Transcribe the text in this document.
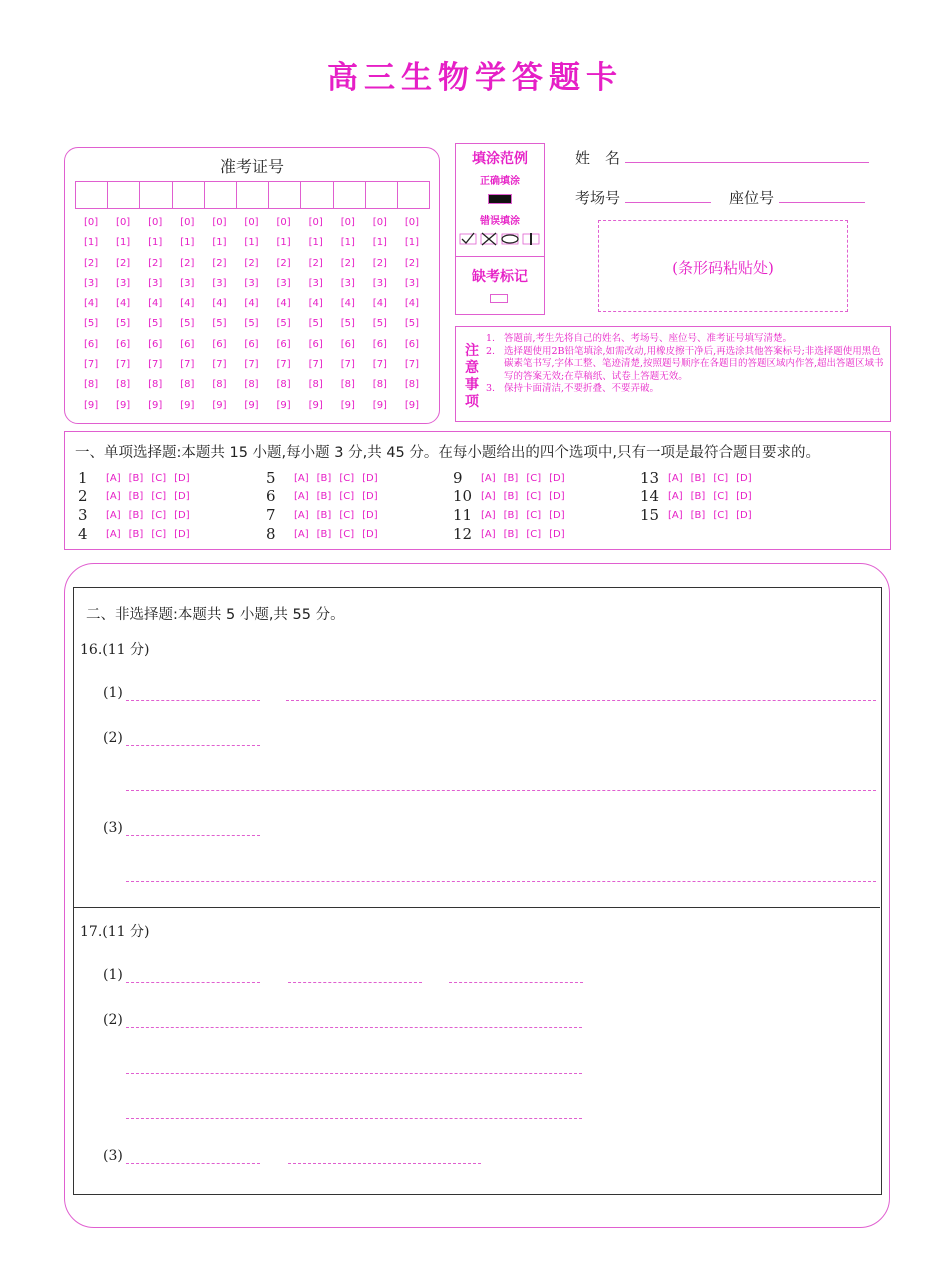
高三生物学答题卡
准考证号
[0]	[0]	[0]	[0]	[0]	[0]	[0]	[0]	[0]	[0]	[0]
[1]	[1]	[1]	[1]	[1]	[1]	[1]	[1]	[1]	[1]	[1]
[2]	[2]	[2]	[2]	[2]	[2]	[2]	[2]	[2]	[2]	[2]
[3]	[3]	[3]	[3]	[3]	[3]	[3]	[3]	[3]	[3]	[3]
[4]	[4]	[4]	[4]	[4]	[4]	[4]	[4]	[4]	[4]	[4]
[5]	[5]	[5]	[5]	[5]	[5]	[5]	[5]	[5]	[5]	[5]
[6]	[6]	[6]	[6]	[6]	[6]	[6]	[6]	[6]	[6]	[6]
[7]	[7]	[7]	[7]	[7]	[7]	[7]	[7]	[7]	[7]	[7]
[8]	[8]	[8]	[8]	[8]	[8]	[8]	[8]	[8]	[8]	[8]
[9]	[9]	[9]	[9]	[9]	[9]	[9]	[9]	[9]	[9]	[9]
填涂范例
正确填涂
错误填涂
缺考标记
姓　名
考场号	座位号
(条形码粘贴处)
注意事项
1. 答题前,考生先将自己的姓名、考场号、座位号、准考证号填写清楚。
2. 选择题使用2B铅笔填涂,如需改动,用橡皮擦干净后,再选涂其他答案标号;非选择题使用黑色碳素笔书写,字体工整、笔迹清楚,按照题号顺序在各题目的答题区域内作答,超出答题区域书写的答案无效;在草稿纸、试卷上答题无效。
3. 保持卡面清洁,不要折叠、不要弄破。
一、单项选择题:本题共 15 小题,每小题 3 分,共 45 分。在每小题给出的四个选项中,只有一项是最符合题目要求的。
1	[A] [B] [C] [D]
2	[A] [B] [C] [D]
3	[A] [B] [C] [D]
4	[A] [B] [C] [D]
5	[A] [B] [C] [D]
6	[A] [B] [C] [D]
7	[A] [B] [C] [D]
8	[A] [B] [C] [D]
9	[A] [B] [C] [D]
10 [A] [B] [C] [D]
11 [A] [B] [C] [D]
12 [A] [B] [C] [D]
13 [A] [B] [C] [D]
14 [A] [B] [C] [D]
15 [A] [B] [C] [D]
二、非选择题:本题共 5 小题,共 55 分。
16.(11 分)
(1)
(2)
(3)
17.(11 分)
(1)
(2)
(3)
